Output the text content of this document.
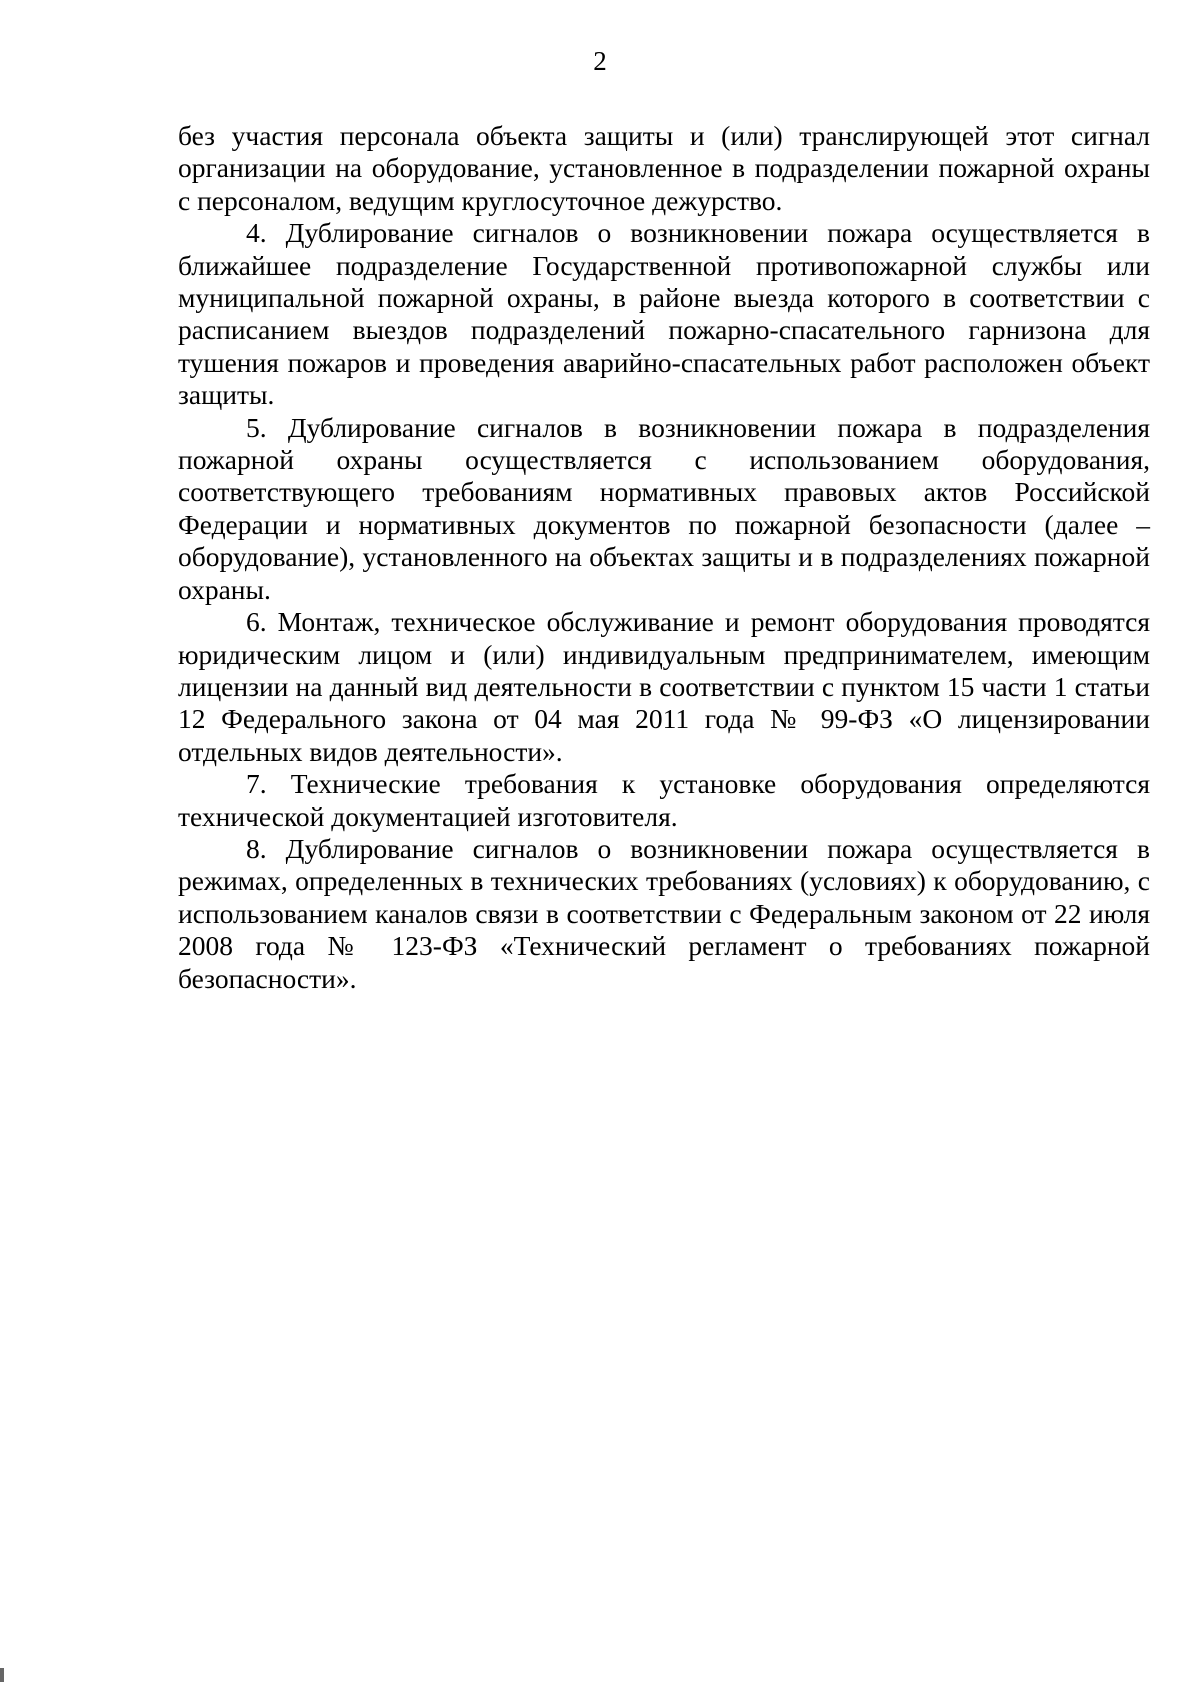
2

без участия персонала объекта защиты и (или) транслирующей этот сигнал организации на оборудование, установленное в подразделении пожарной охраны с персоналом, ведущим круглосуточное дежурство.

4. Дублирование сигналов о возникновении пожара осуществляется в ближайшее подразделение Государственной противопожарной службы или муниципальной пожарной охраны, в районе выезда которого в соответствии с расписанием выездов подразделений пожарно-спасательного гарнизона для тушения пожаров и проведения аварийно-спасательных работ расположен объект защиты.

5. Дублирование сигналов в возникновении пожара в подразделения пожарной охраны осуществляется с использованием оборудования, соответствующего требованиям нормативных правовых актов Российской Федерации и нормативных документов по пожарной безопасности (далее – оборудование), установленного на объектах защиты и в подразделениях пожарной охраны.

6. Монтаж, техническое обслуживание и ремонт оборудования проводятся юридическим лицом и (или) индивидуальным предпринимателем, имеющим лицензии на данный вид деятельности в соответствии с пунктом 15 части 1 статьи 12 Федерального закона от 04 мая 2011 года № 99-ФЗ «О лицензировании отдельных видов деятельности».

7. Технические требования к установке оборудования определяются технической документацией изготовителя.

8. Дублирование сигналов о возникновении пожара осуществляется в режимах, определенных в технических требованиях (условиях) к оборудованию, с использованием каналов связи в соответствии с Федеральным законом от 22 июля 2008 года № 123-ФЗ «Технический регламент о требованиях пожарной безопасности».
